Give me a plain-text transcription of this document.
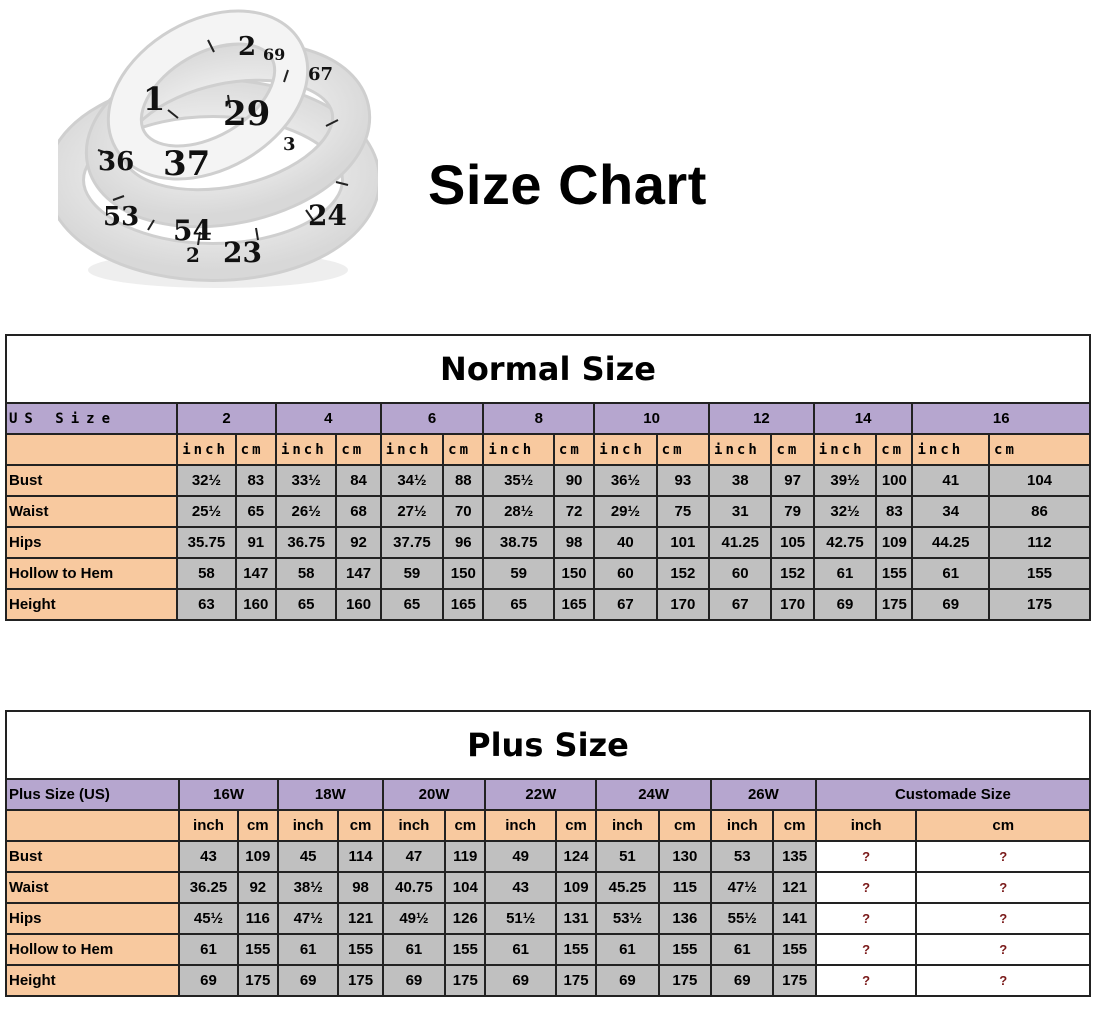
2
29
1
37
36
53 54
23
24
69
67
3
2
Size Chart
Normal Size																
US Size	2		4		6		8		10		12		14		16	
	inch	cm	inch	cm	inch	cm	inch	cm	inch	cm	inch	cm	inch	cm	inch	cm
Bust	32½	83	33½	84	34½	88	35½	90	36½	93	38	97	39½	100	41	104
Waist	25½	65	26½	68	27½	70	28½	72	29½	75	31	79	32½	83	34	86
Hips	35.75	91	36.75	92	37.75	96	38.75	98	40	101	41.25	105	42.75	109	44.25	112
Hollow to Hem	58	147	58	147	59	150	59	150	60	152	60	152	61	155	61	155
Height	63	160	65	160	65	165	65	165	67	170	67	170	69	175	69	175
Plus Size														
Plus Size (US)	16W		18W		20W		22W		24W		26W		Customade Size	
	inch	cm	inch	cm	inch	cm	inch	cm	inch	cm	inch	cm	inch	cm
Bust	43	109	45	114	47	119	49	124	51	130	53	135	?	?
Waist	36.25	92	38½	98	40.75	104	43	109	45.25	115	47½	121	?	?
Hips	45½	116	47½	121	49½	126	51½	131	53½	136	55½	141	?	?
Hollow to Hem	61	155	61	155	61	155	61	155	61	155	61	155	?	?
Height	69	175	69	175	69	175	69	175	69	175	69	175	?	?
